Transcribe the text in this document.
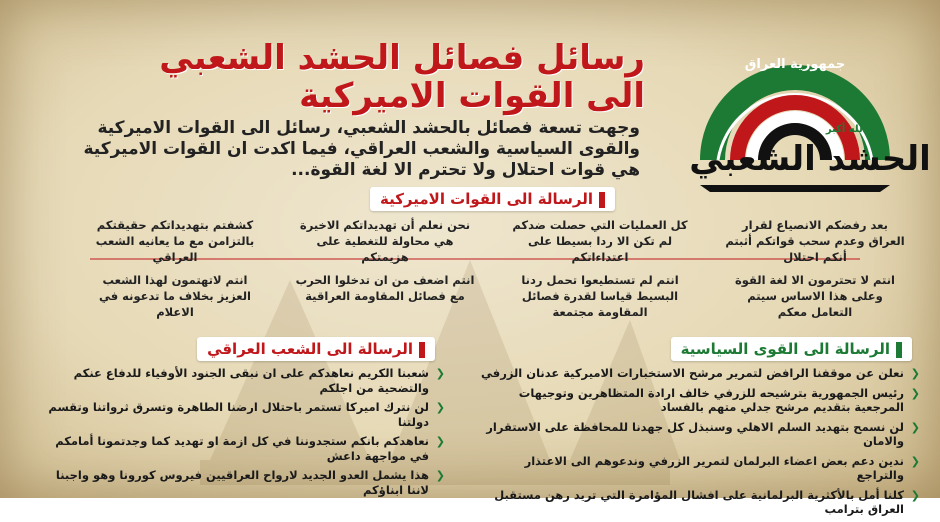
رسائل فصائل الحشد الشعبي
الى القوات الاميركية
وجهت تسعة فصائل بالحشد الشعبي، رسائل الى القوات الاميركية والقوى السياسية والشعب العراقي، فيما اكدت ان القوات الاميركية هي قوات احتلال ولا تحترم الا لغة القوة...
جمهورية العراق
الله أكبر
الحشد الشعبي
الرسالة الى القوات الاميركية
بعد رفضكم الانصياع لقرار العراق وعدم سحب قواتكم أثبتم أنكم احتلال
انتم لا تحترمون الا لغة القوة وعلى هذا الاساس سيتم التعامل معكم
كل العمليات التي حصلت ضدكم لم تكن الا ردا بسيطا على اعتداءاتكم
انتم لم تستطيعوا تحمل ردنا البسيط قياسا لقدرة فصائل المقاومة مجتمعة
نحن نعلم أن تهديداتكم الاخيرة هي محاولة للتغطية على هزيمتكم
انتم اضعف من ان تدخلوا الحرب مع فصائل المقاومة العراقية
كشفتم بتهديداتكم حقيقتكم بالتزامن مع ما يعانيه الشعب العراقي
انتم لاتهتمون لهذا الشعب العزيز بخلاف ما تدعونه في الاعلام
الرسالة الى القوى السياسية
❮
نعلن عن موقفنا الرافض لتمرير مرشح الاستخبارات الاميركية عدنان الزرفي
❮
رئيس الجمهورية بترشيحه للزرفي خالف ارادة المتظاهرين وتوجيهات المرجعية بتقديم مرشح جدلي متهم بالفساد
❮
لن نسمح بتهديد السلم الاهلي وسنبذل كل جهدنا للمحافظة على الاستقرار والامان
❮
ندين دعم بعض اعضاء البرلمان لتمرير الزرفي وندعوهم الى الاعتذار والتراجع
❮
كلنا أمل بالأكثرية البرلمانية على افشال المؤامرة التي تريد رهن مستقبل العراق بترامب
الرسالة الى الشعب العراقي
❮
شعبنا الكريم نعاهدكم على ان نبقى الجنود الأوفياء للدفاع عنكم والتضحية من اجلكم
❮
لن نترك اميركا تستمر باحتلال ارضنا الطاهرة وتسرق ثرواتنا وتقسم دولتنا
❮
نعاهدكم بانكم ستجدوننا في كل ازمة او تهديد كما وجدتمونا أمامكم في مواجهة داعش
❮
هذا يشمل العدو الجديد لارواح العراقيين فيروس كورونا وهو واجبنا لاننا ابناؤكم
